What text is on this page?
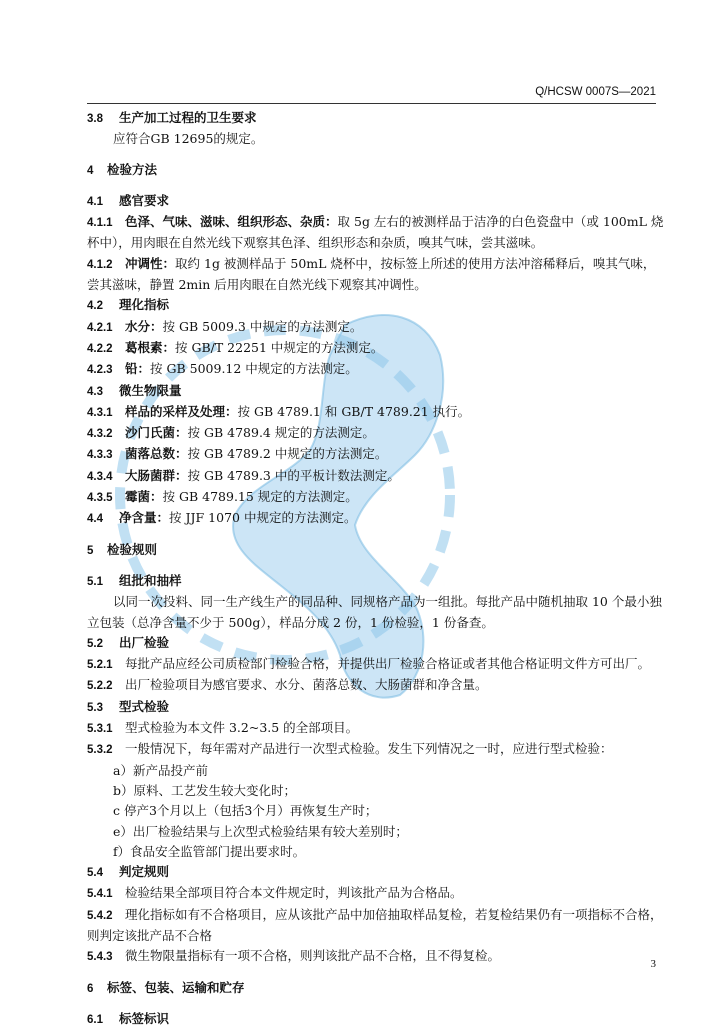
Q/HCSW 0007S—2021
3.8 生产加工过程的卫生要求
应符合GB 12695的规定。
4 检验方法
4.1 感官要求
4.1.1 色泽、气味、滋味、组织形态、杂质：取 5g 左右的被测样品于洁净的白色瓷盘中（或 100mL 烧
杯中），用肉眼在自然光线下观察其色泽、组织形态和杂质，嗅其气味，尝其滋味。
4.1.2 冲调性：取约 1g 被测样品于 50mL 烧杯中，按标签上所述的使用方法冲溶稀释后，嗅其气味，
尝其滋味，静置 2min 后用肉眼在自然光线下观察其冲调性。
4.2 理化指标
4.2.1 水分：按 GB 5009.3 中规定的方法测定。
4.2.2 葛根素：按 GB/T 22251 中规定的方法测定。
4.2.3 铅：按 GB 5009.12 中规定的方法测定。
4.3 微生物限量
4.3.1 样品的采样及处理：按 GB 4789.1 和 GB/T 4789.21 执行。
4.3.2 沙门氏菌：按 GB 4789.4 规定的方法测定。
4.3.3 菌落总数：按 GB 4789.2 中规定的方法测定。
4.3.4 大肠菌群：按 GB 4789.3 中的平板计数法测定。
4.3.5 霉菌：按 GB 4789.15 规定的方法测定。
4.4 净含量：按 JJF 1070 中规定的方法测定。
5 检验规则
5.1 组批和抽样
以同一次投料、同一生产线生产的同品种、同规格产品为一组批。每批产品中随机抽取 10 个最小独
立包装（总净含量不少于 500g），样品分成 2 份，1 份检验，1 份备查。
5.2 出厂检验
5.2.1 每批产品应经公司质检部门检验合格，并提供出厂检验合格证或者其他合格证明文件方可出厂。
5.2.2 出厂检验项目为感官要求、水分、菌落总数、大肠菌群和净含量。
5.3 型式检验
5.3.1 型式检验为本文件 3.2~3.5 的全部项目。
5.3.2 一般情况下，每年需对产品进行一次型式检验。发生下列情况之一时，应进行型式检验：
a）新产品投产前
b）原料、工艺发生较大变化时；
c 停产3个月以上（包括3个月）再恢复生产时；
e）出厂检验结果与上次型式检验结果有较大差别时；
f）食品安全监管部门提出要求时。
5.4 判定规则
5.4.1 检验结果全部项目符合本文件规定时，判该批产品为合格品。
5.4.2 理化指标如有不合格项目，应从该批产品中加倍抽取样品复检，若复检结果仍有一项指标不合格，
则判定该批产品不合格
5.4.3 微生物限量指标有一项不合格，则判该批产品不合格，且不得复检。
6 标签、包装、运输和贮存
6.1 标签标识
3
